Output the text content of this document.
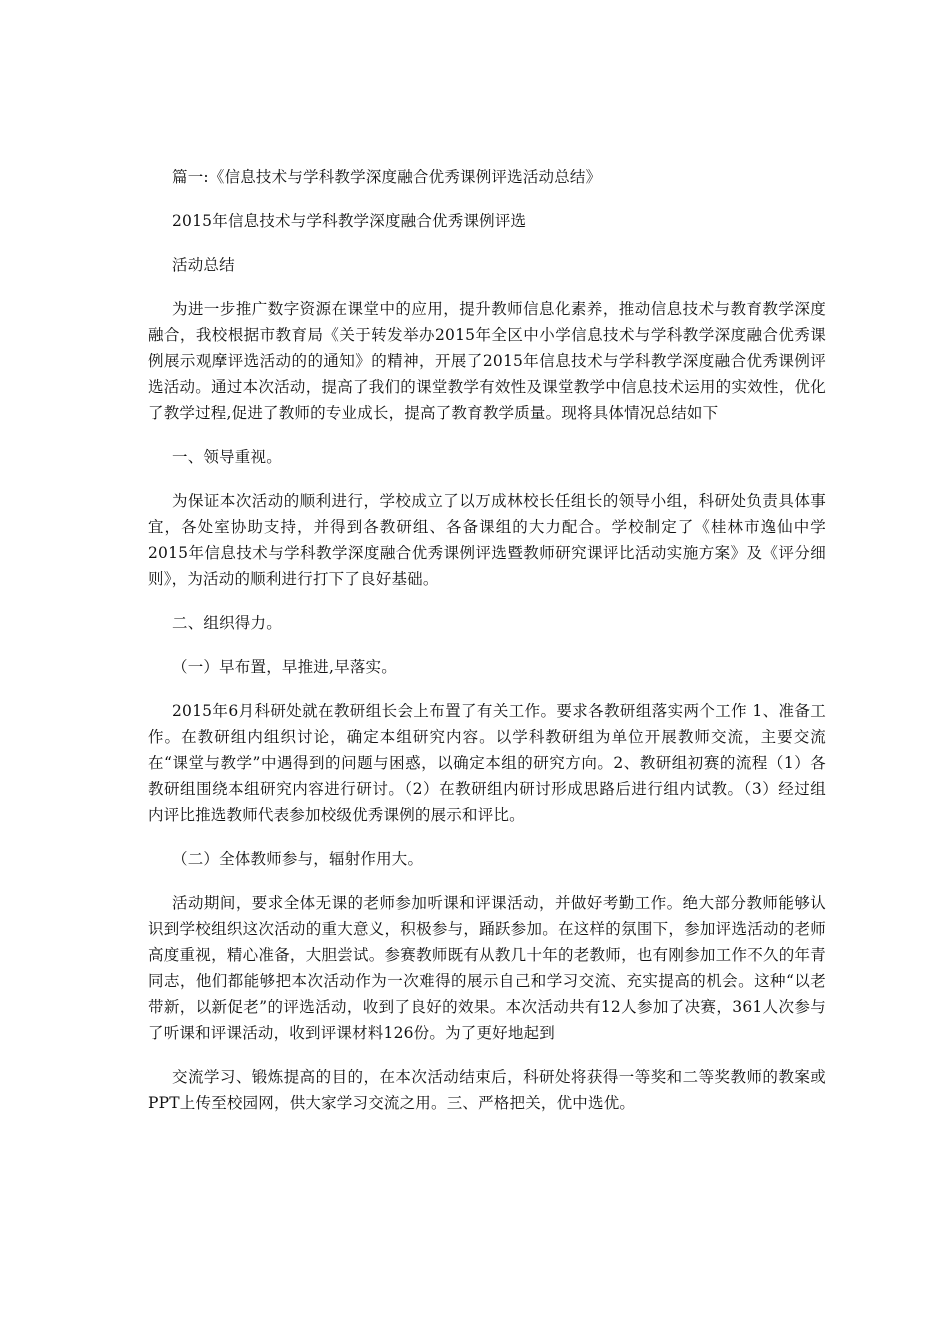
篇一:《信息技术与学科教学深度融合优秀课例评选活动总结》

2015年信息技术与学科教学深度融合优秀课例评选

活动总结

为进一步推广数字资源在课堂中的应用，提升教师信息化素养，推动信息技术与教育教学深度融合，我校根据市教育局《关于转发举办2015年全区中小学信息技术与学科教学深度融合优秀课例展示观摩评选活动的的通知》的精神，开展了2015年信息技术与学科教学深度融合优秀课例评选活动。通过本次活动，提高了我们的课堂教学有效性及课堂教学中信息技术运用的实效性，优化了教学过程,促进了教师的专业成长，提高了教育教学质量。现将具体情况总结如下

一、领导重视。

为保证本次活动的顺利进行，学校成立了以万成林校长任组长的领导小组，科研处负责具体事宜，各处室协助支持，并得到各教研组、各备课组的大力配合。学校制定了《桂林市逸仙中学2015年信息技术与学科教学深度融合优秀课例评选暨教师研究课评比活动实施方案》及《评分细则》，为活动的顺利进行打下了良好基础。

二、组织得力。

（一）早布置，早推进,早落实。

2015年6月科研处就在教研组长会上布置了有关工作。要求各教研组落实两个工作 1、准备工作。在教研组内组织讨论，确定本组研究内容。以学科教研组为单位开展教师交流，主要交流在“课堂与教学”中遇得到的问题与困惑，以确定本组的研究方向。2、教研组初赛的流程（1）各教研组围绕本组研究内容进行研讨。（2）在教研组内研讨形成思路后进行组内试教。（3）经过组内评比推选教师代表参加校级优秀课例的展示和评比。

（二）全体教师参与，辐射作用大。

活动期间，要求全体无课的老师参加听课和评课活动，并做好考勤工作。绝大部分教师能够认识到学校组织这次活动的重大意义，积极参与，踊跃参加。在这样的氛围下，参加评选活动的老师高度重视，精心准备，大胆尝试。参赛教师既有从教几十年的老教师，也有刚参加工作不久的年青同志，他们都能够把本次活动作为一次难得的展示自己和学习交流、充实提高的机会。这种“以老带新，以新促老”的评选活动，收到了良好的效果。本次活动共有12人参加了决赛，361人次参与了听课和评课活动，收到评课材料126份。为了更好地起到

交流学习、锻炼提高的目的，在本次活动结束后，科研处将获得一等奖和二等奖教师的教案或PPT上传至校园网，供大家学习交流之用。三、严格把关，优中选优。
